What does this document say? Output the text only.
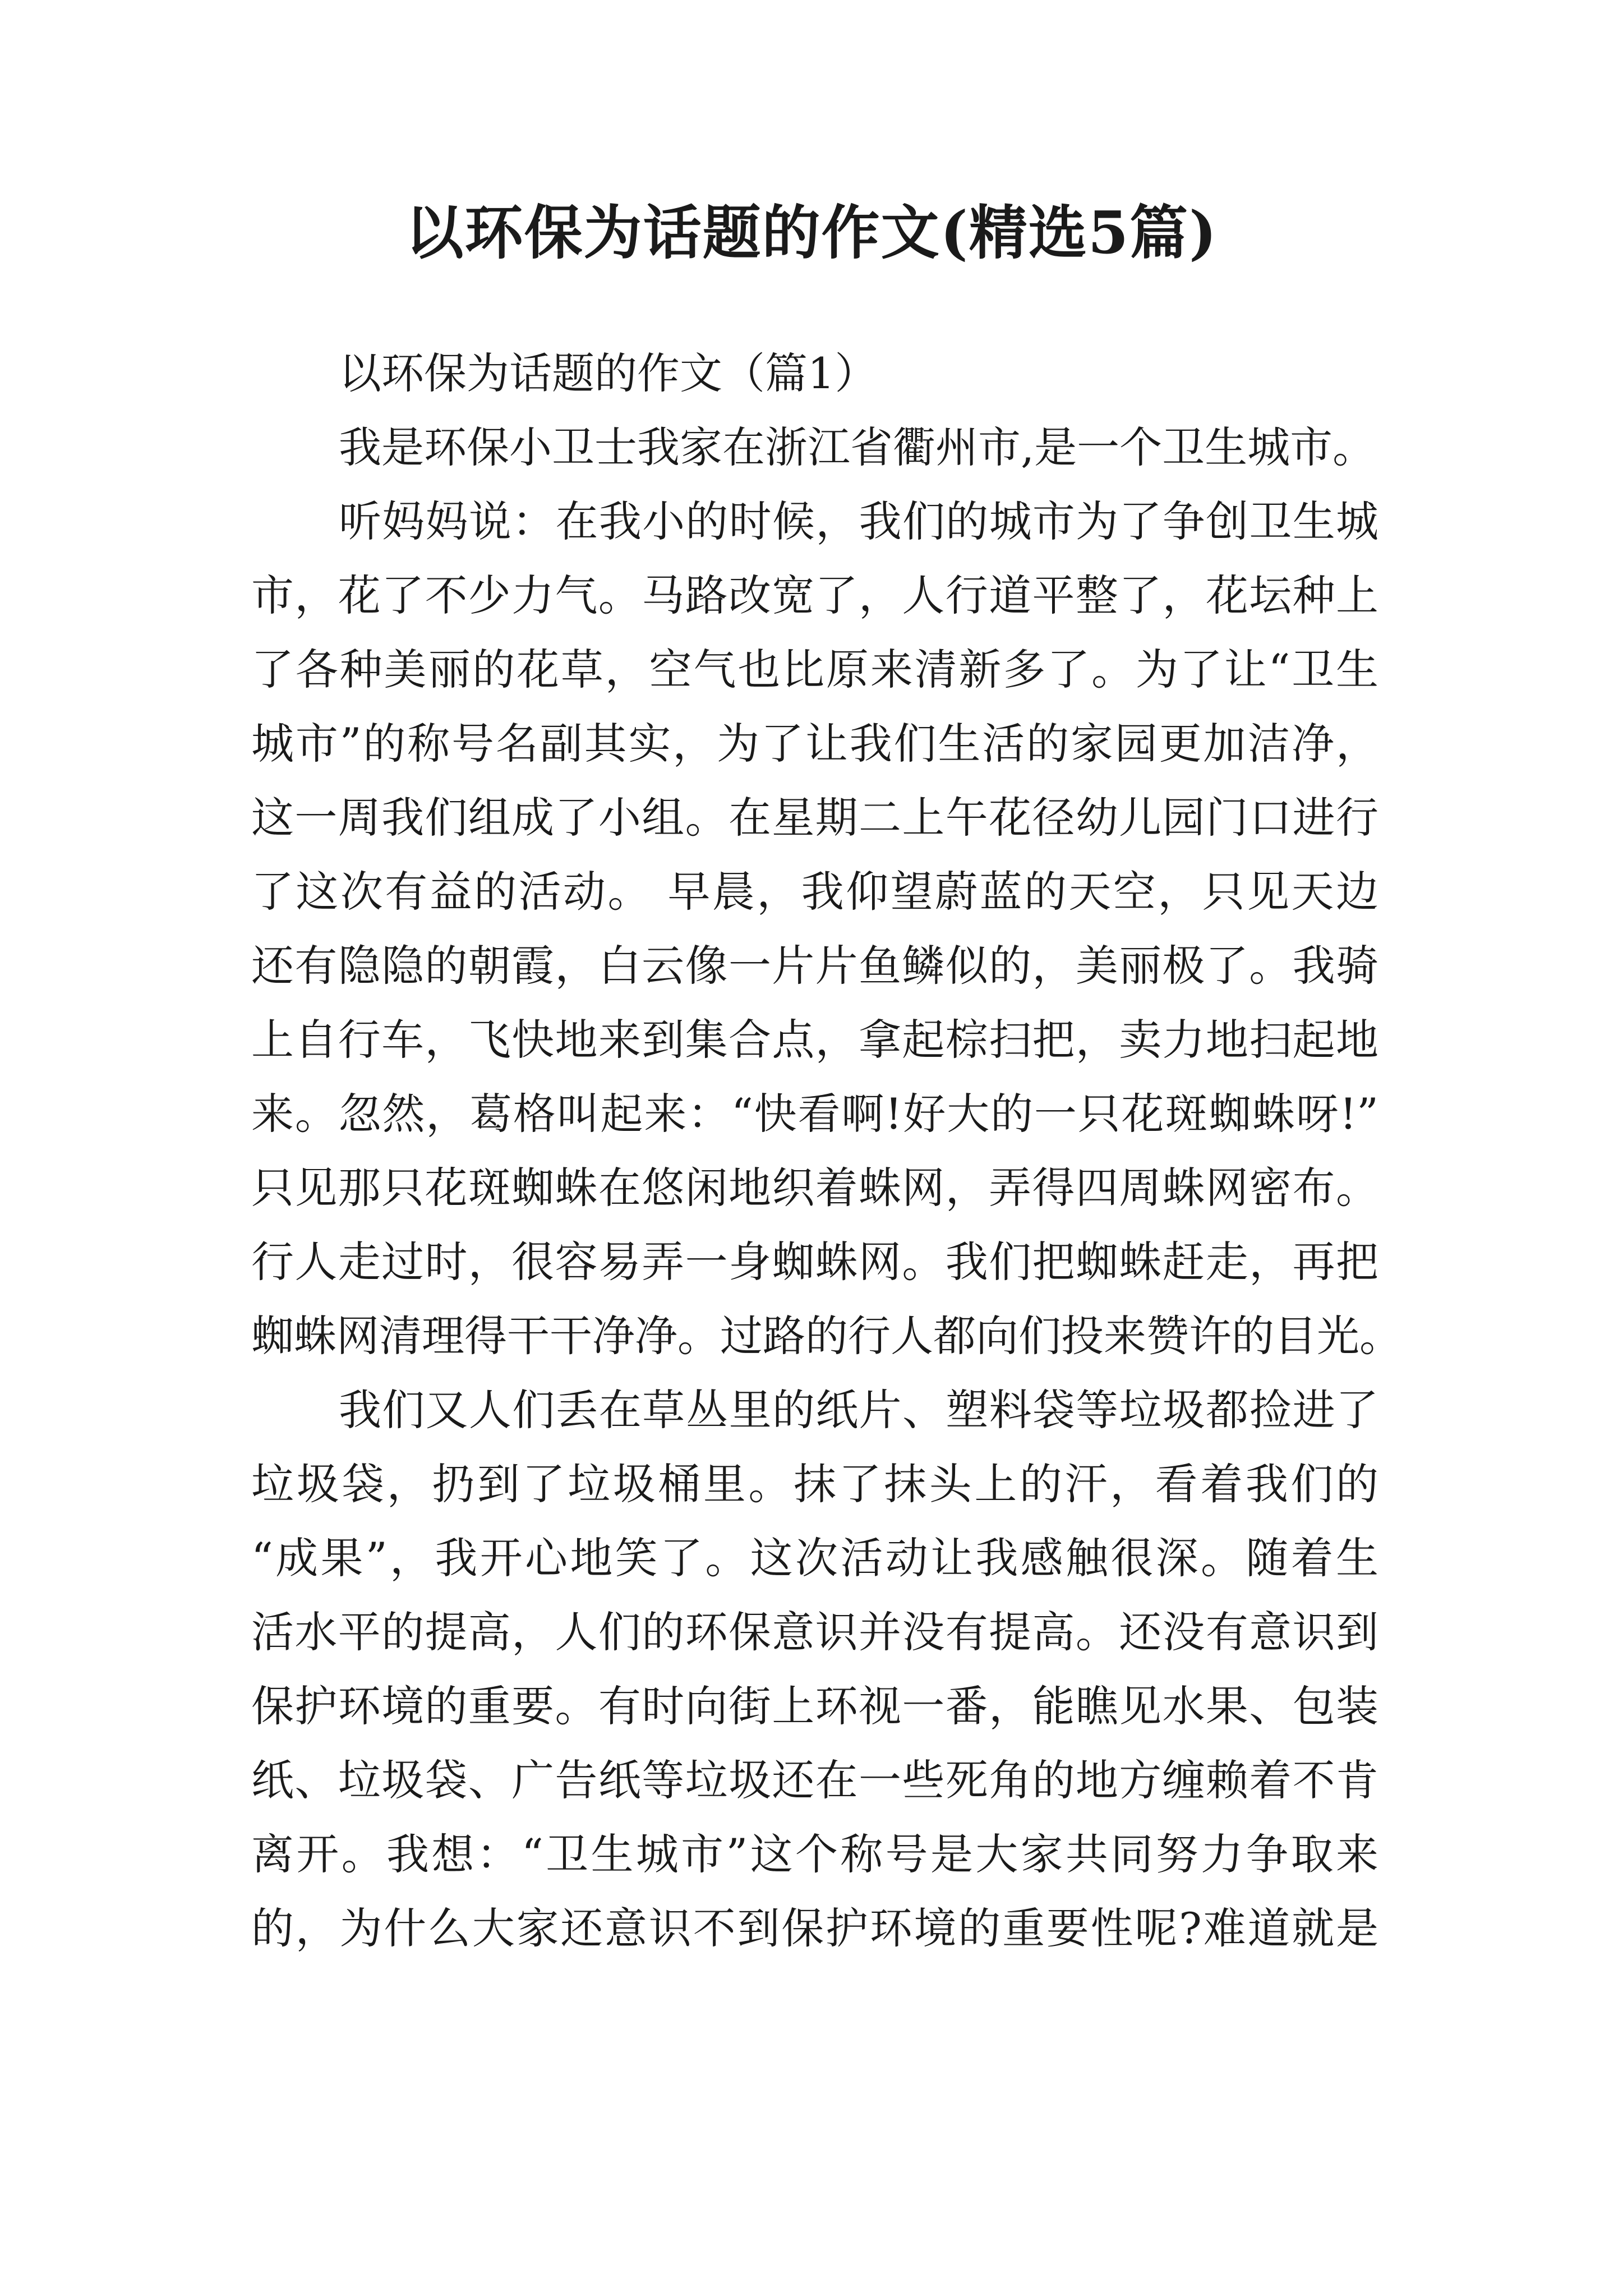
以环保为话题的作文(精选5篇)
以环保为话题的作文（篇1）
我是环保小卫士我家在浙江省衢州市,是一个卫生城市。
听妈妈说：在我小的时候，我们的城市为了争创卫生城
市，花了不少力气。马路改宽了，人行道平整了，花坛种上
了各种美丽的花草，空气也比原来清新多了。为了让“卫生
城市”的称号名副其实，为了让我们生活的家园更加洁净，
这一周我们组成了小组。在星期二上午花径幼儿园门口进行
了这次有益的活动。 早晨，我仰望蔚蓝的天空，只见天边
还有隐隐的朝霞，白云像一片片鱼鳞似的，美丽极了。我骑
上自行车，飞快地来到集合点，拿起棕扫把，卖力地扫起地
来。忽然，葛格叫起来：“快看啊!好大的一只花斑蜘蛛呀!”
只见那只花斑蜘蛛在悠闲地织着蛛网，弄得四周蛛网密布。
行人走过时，很容易弄一身蜘蛛网。我们把蜘蛛赶走，再把
蜘蛛网清理得干干净净。过路的行人都向们投来赞许的目光。
我们又人们丢在草丛里的纸片、塑料袋等垃圾都捡进了
垃圾袋，扔到了垃圾桶里。抹了抹头上的汗，看着我们的
“成果”，我开心地笑了。这次活动让我感触很深。随着生
活水平的提高，人们的环保意识并没有提高。还没有意识到
保护环境的重要。有时向街上环视一番，能瞧见水果、包装
纸、垃圾袋、广告纸等垃圾还在一些死角的地方缠赖着不肯
离开。我想：“卫生城市”这个称号是大家共同努力争取来
的，为什么大家还意识不到保护环境的重要性呢?难道就是
